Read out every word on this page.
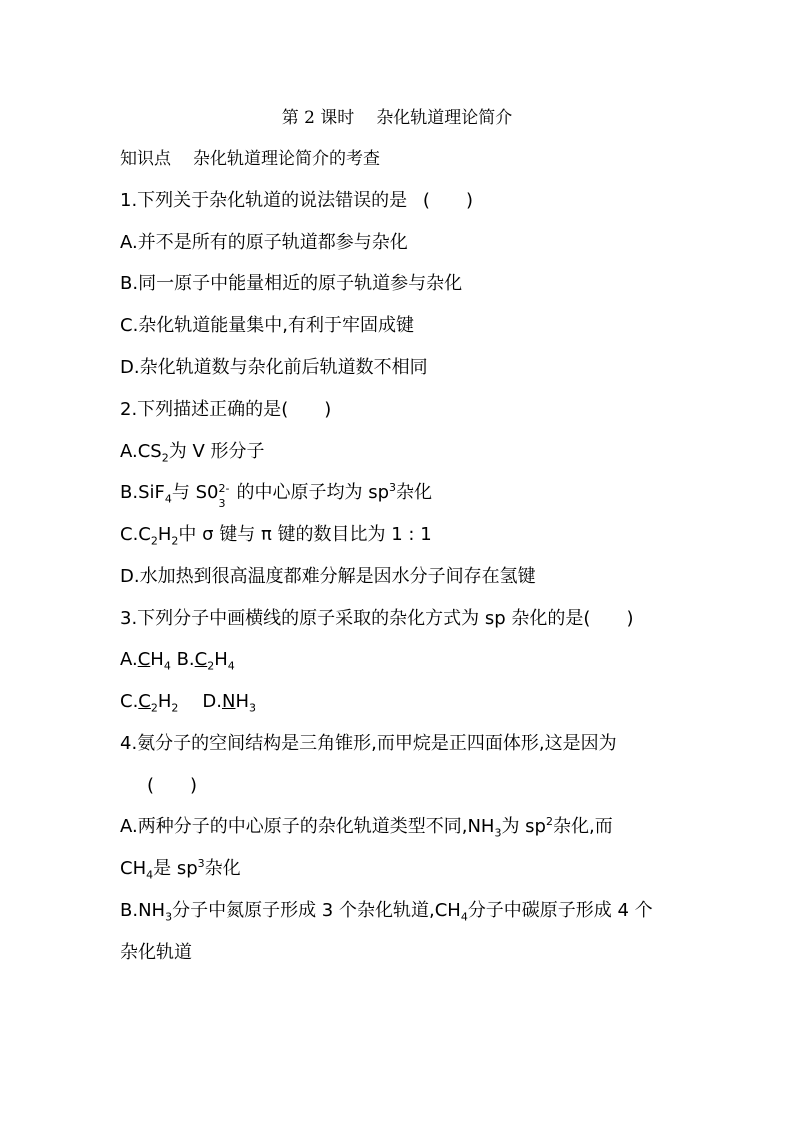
第 2 课时 杂化轨道理论简介
知识点 杂化轨道理论简介的考查
1.下列关于杂化轨道的说法错误的是 ( )
A.并不是所有的原子轨道都参与杂化
B.同一原子中能量相近的原子轨道参与杂化
C.杂化轨道能量集中,有利于牢固成键
D.杂化轨道数与杂化前后轨道数不相同
2.下列描述正确的是( )
$A.CS_2$为 V 形分子
B.SiF$_4$与 S0 2-
3
的中心原子均为 $sp^3$杂化
$C.C_2H_2$中 σ 键与 π 键的数目比为 1 : 1
D.水加热到很高温度都难分解是因水分子间存在氢键
3.下列分子中画横线的原子采取的杂化方式为 sp 杂化的是( )
$A.CH_4$ $B.C_2H_4$
$C.C_2H_2$ $D.NH_3$
4.氨分子的空间结构是三角锥形,而甲烷是正四面体形,这是因为
( )
A.两种分子的中心原子的杂化轨道类型不同$,NH_3$为 $sp^2$杂化,而
$CH_4$是 $sp^3$杂化
$B.NH_3$分子中氮原子形成 3 个杂化轨道$,CH_4$分子中碳原子形成 4 个
杂化轨道
